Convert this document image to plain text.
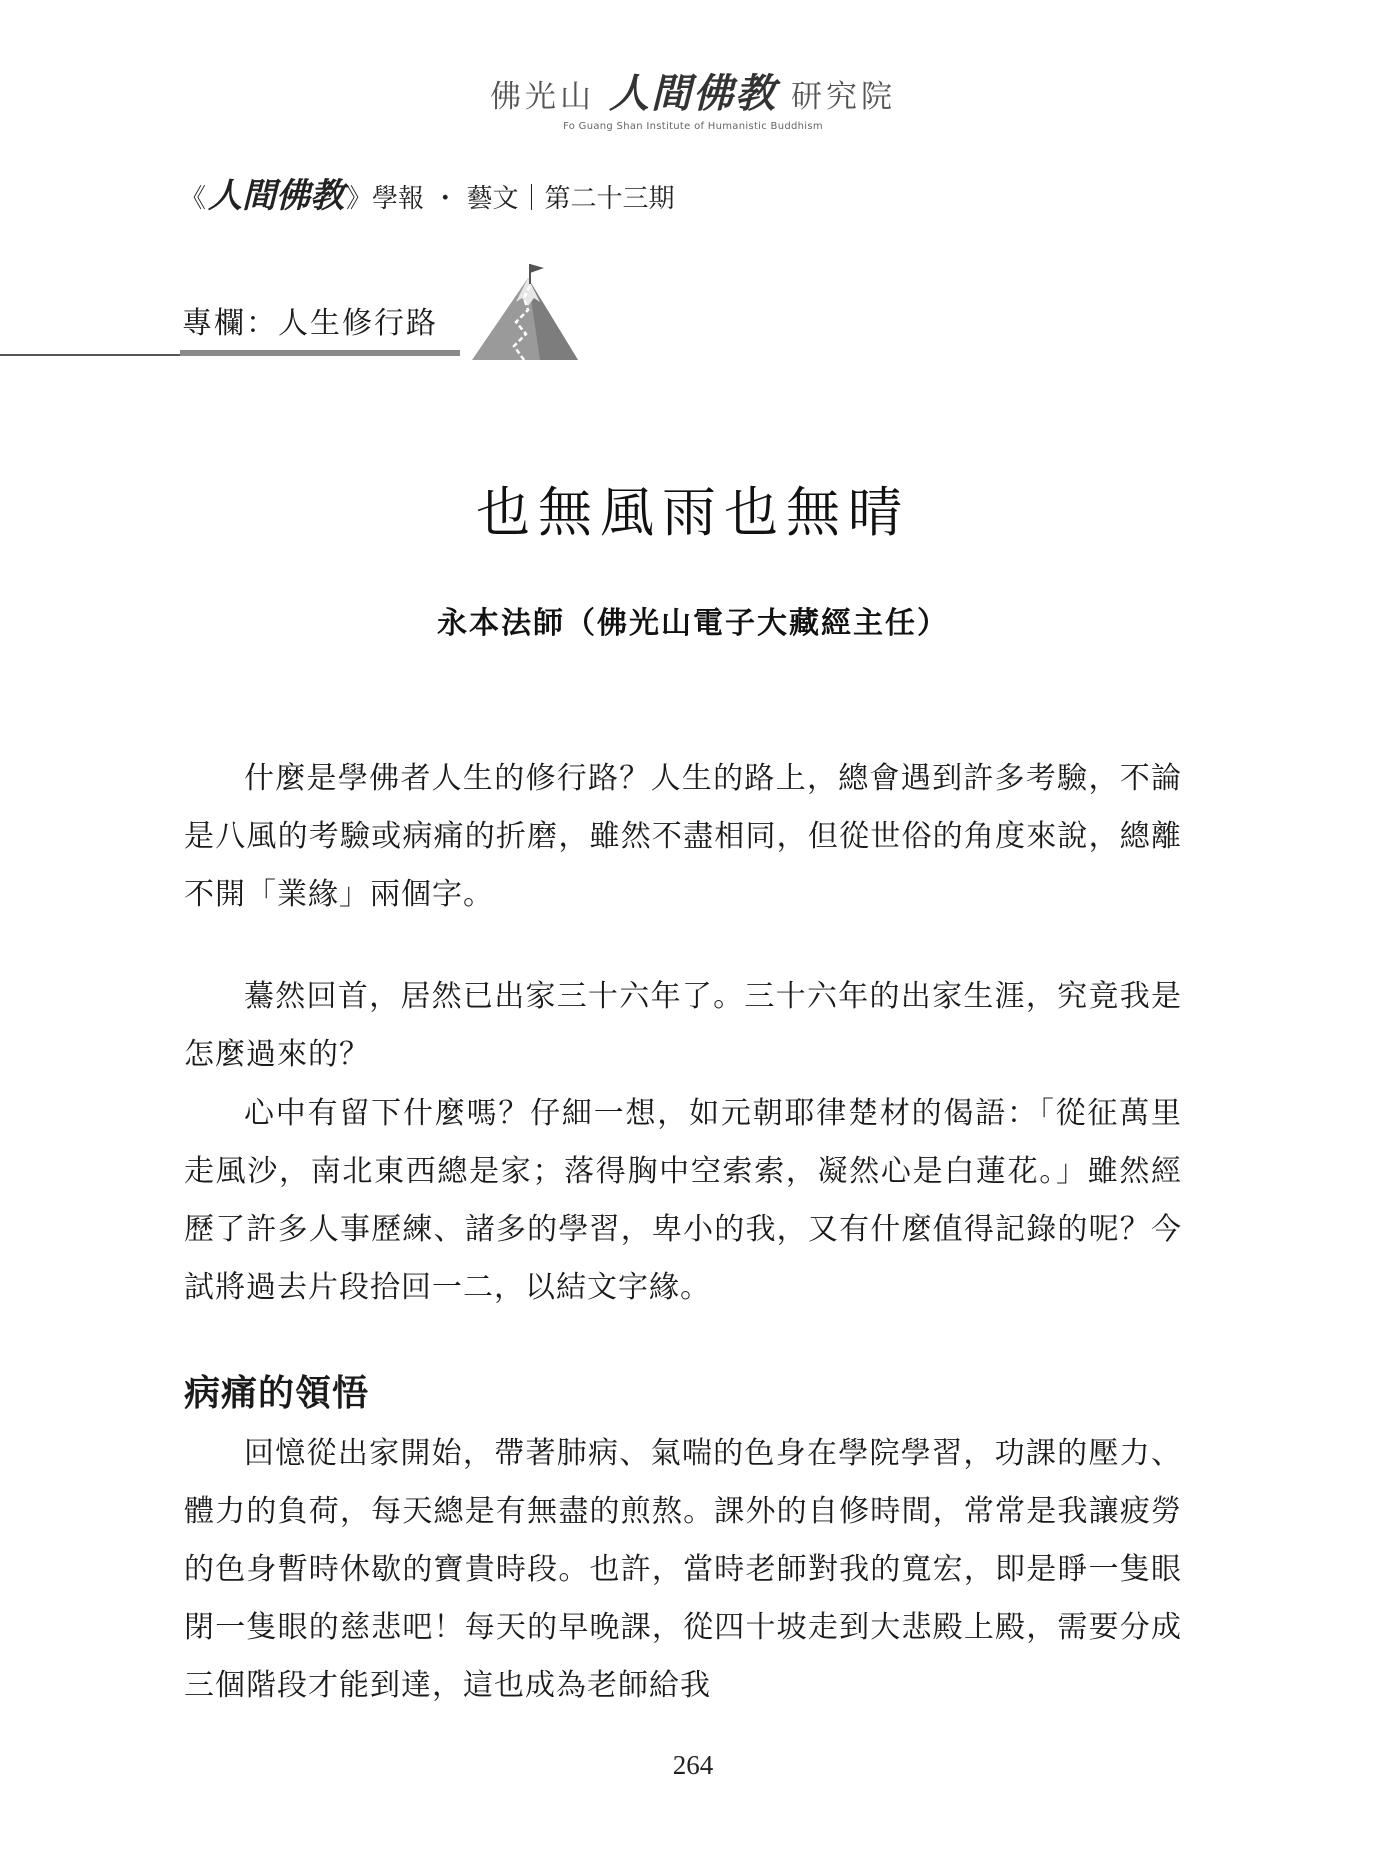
佛光山 人間佛教 研究院
Fo Guang Shan Institute of Humanistic Buddhism
《 人間佛教 》學報 ・ 藝文｜第二十三期
專欄：人生修行路
也無風雨也無晴
永本法師（佛光山電子大藏經主任）

什麼是學佛者人生的修行路？人生的路上，總會遇到許多考驗，不論是八風的考驗或病痛的折磨，雖然不盡相同，但從世俗的角度來說，總離不開「業緣」兩個字。

驀然回首，居然已出家三十六年了。三十六年的出家生涯，究竟我是怎麼過來的？

心中有留下什麼嗎？仔細一想，如元朝耶律楚材的偈語：「從征萬里走風沙，南北東西總是家；落得胸中空索索，凝然心是白蓮花。」雖然經歷了許多人事歷練、諸多的學習，卑小的我，又有什麼值得記錄的呢？今試將過去片段拾回一二，以結文字緣。

病痛的領悟

回憶從出家開始，帶著肺病、氣喘的色身在學院學習，功課的壓力、體力的負荷，每天總是有無盡的煎熬。課外的自修時間，常常是我讓疲勞的色身暫時休歇的寶貴時段。也許，當時老師對我的寬宏，即是睜一隻眼閉一隻眼的慈悲吧！每天的早晚課，從四十坡走到大悲殿上殿，需要分成三個階段才能到達，這也成為老師給我

264
